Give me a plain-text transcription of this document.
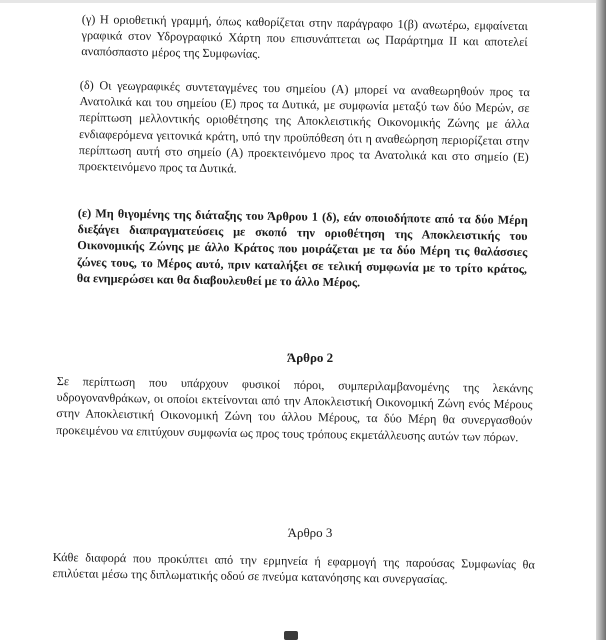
(γ) Η οριοθετική γραμμή, όπως καθορίζεται στην παράγραφο 1(β) ανωτέρω, εμφαίνεται γραφικά στον Υδρογραφικό Χάρτη που επισυνάπτεται ως Παράρτημα ΙΙ και αποτελεί αναπόσπαστο μέρος της Συμφωνίας.

(δ) Οι γεωγραφικές συντεταγμένες του σημείου (Α) μπορεί να αναθεωρηθούν προς τα Ανατολικά και του σημείου (Ε) προς τα Δυτικά, με συμφωνία μεταξύ των δύο Μερών, σε περίπτωση μελλοντικής οριοθέτησης της Αποκλειστικής Οικονομικής Ζώνης με άλλα ενδιαφερόμενα γειτονικά κράτη, υπό την προϋπόθεση ότι η αναθεώρηση περιορίζεται στην περίπτωση αυτή στο σημείο (Α) προεκτεινόμενο προς τα Ανατολικά και στο σημείο (Ε) προεκτεινόμενο προς τα Δυτικά.

(ε) Μη θιγομένης της διάταξης του Άρθρου 1 (δ), εάν οποιοδήποτε από τα δύο Μέρη διεξάγει διαπραγματεύσεις με σκοπό την οριοθέτηση της Αποκλειστικής του Οικονομικής Ζώνης με άλλο Κράτος που μοιράζεται με τα δύο Μέρη τις θαλάσσιες ζώνες τους, το Μέρος αυτό, πριν καταλήξει σε τελική συμφωνία με το τρίτο κράτος, θα ενημερώσει και θα διαβουλευθεί με το άλλο Μέρος.

Άρθρο 2

Σε περίπτωση που υπάρχουν φυσικοί πόροι, συμπεριλαμβανομένης της λεκάνης υδρογονανθράκων, οι οποίοι εκτείνονται από την Αποκλειστική Οικονομική Ζώνη ενός Μέρους στην Αποκλειστική Οικονομική Ζώνη του άλλου Μέρους, τα δύο Μέρη θα συνεργασθούν προκειμένου να επιτύχουν συμφωνία ως προς τους τρόπους εκμετάλλευσης αυτών των πόρων.

Άρθρο 3

Κάθε διαφορά που προκύπτει από την ερμηνεία ή εφαρμογή της παρούσας Συμφωνίας θα επιλύεται μέσω της διπλωματικής οδού σε πνεύμα κατανόησης και συνεργασίας.
